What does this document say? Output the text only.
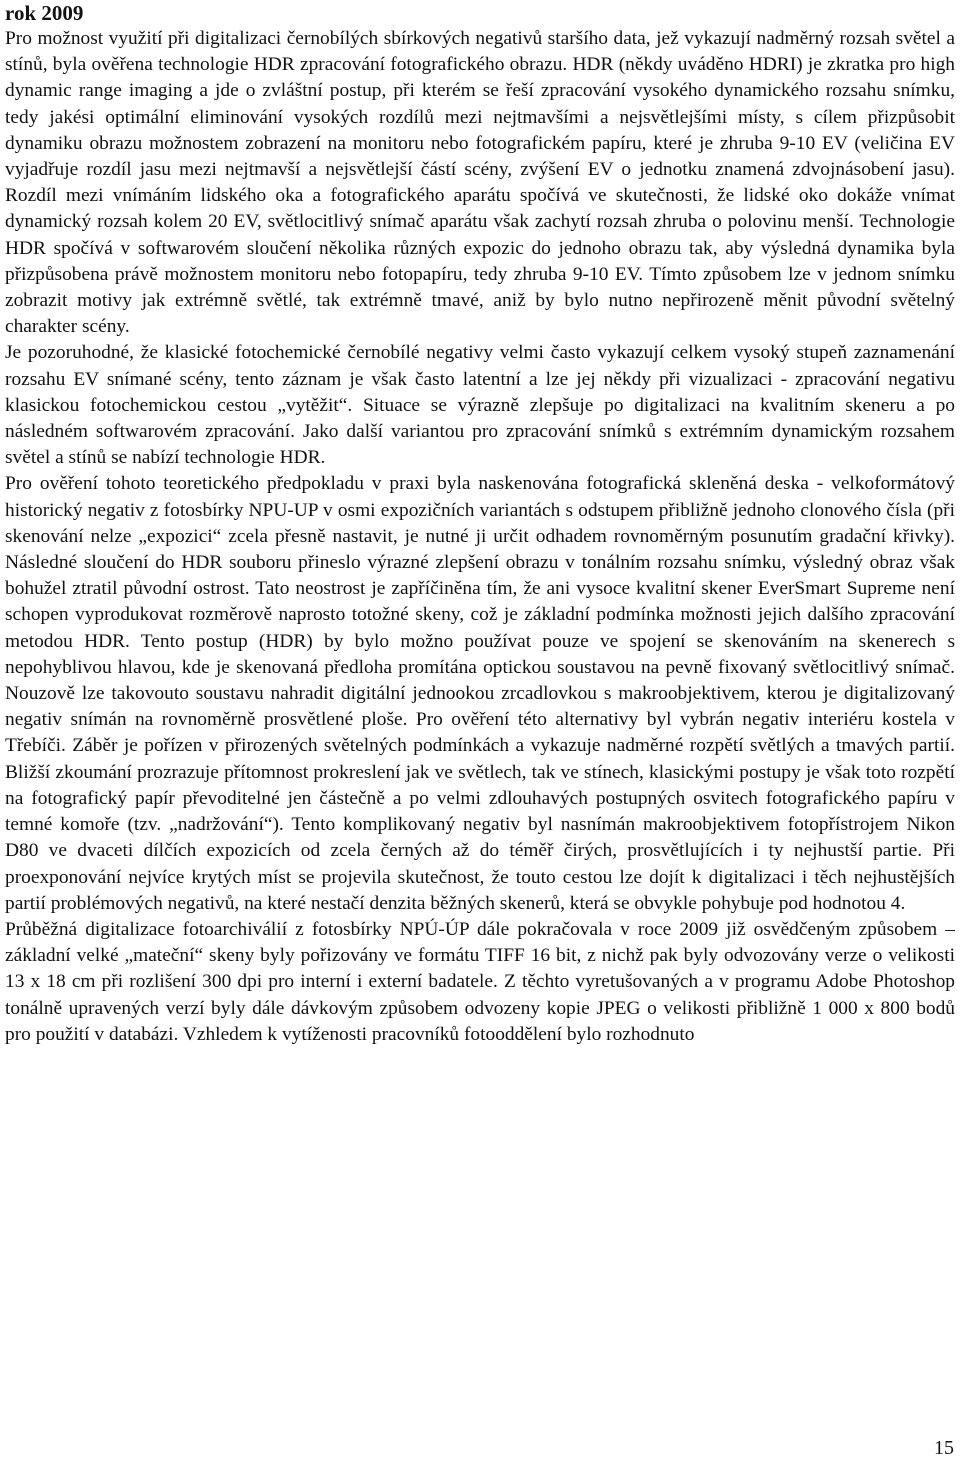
rok 2009

Pro možnost využití při digitalizaci černobílých sbírkových negativů staršího data, jež vykazují nadměrný rozsah světel a stínů, byla ověřena technologie HDR zpracování fotografického obrazu. HDR (někdy uváděno HDRI) je zkratka pro high dynamic range imaging a jde o zvláštní postup, při kterém se řeší zpracování vysokého dynamického rozsahu snímku, tedy jakési optimální eliminování vysokých rozdílů mezi nejtmavšími a nejsvětlejšími místy, s cílem přizpůsobit dynamiku obrazu možnostem zobrazení na monitoru nebo fotografickém papíru, které je zhruba 9-10 EV (veličina EV vyjadřuje rozdíl jasu mezi nejtmavší a nejsvětlejší částí scény, zvýšení EV o jednotku znamená zdvojnásobení jasu). Rozdíl mezi vnímáním lidského oka a fotografického aparátu spočívá ve skutečnosti, že lidské oko dokáže vnímat dynamický rozsah kolem 20 EV, světlocitlivý snímač aparátu však zachytí rozsah zhruba o polovinu menší. Technologie HDR spočívá v softwarovém sloučení několika různých expozic do jednoho obrazu tak, aby výsledná dynamika byla přizpůsobena právě možnostem monitoru nebo fotopapíru, tedy zhruba 9-10 EV. Tímto způsobem lze v jednom snímku zobrazit motivy jak extrémně světlé, tak extrémně tmavé, aniž by bylo nutno nepřirozeně měnit původní světelný charakter scény.

Je pozoruhodné, že klasické fotochemické černobílé negativy velmi často vykazují celkem vysoký stupeň zaznamenání rozsahu EV snímané scény, tento záznam je však často latentní a lze jej někdy při vizualizaci - zpracování negativu klasickou fotochemickou cestou „vytěžit“. Situace se výrazně zlepšuje po digitalizaci na kvalitním skeneru a po následném softwarovém zpracování. Jako další variantou pro zpracování snímků s extrémním dynamickým rozsahem světel a stínů se nabízí technologie HDR.

Pro ověření tohoto teoretického předpokladu v praxi byla naskenována fotografická skleněná deska - velkoformátový historický negativ z fotosbírky NPU-UP v osmi expozičních variantách s odstupem přibližně jednoho clonového čísla (při skenování nelze „expozici“ zcela přesně nastavit, je nutné ji určit odhadem rovnoměrným posunutím gradační křivky). Následné sloučení do HDR souboru přineslo výrazné zlepšení obrazu v tonálním rozsahu snímku, výsledný obraz však bohužel ztratil původní ostrost. Tato neostrost je zapříčiněna tím, že ani vysoce kvalitní skener EverSmart Supreme není schopen vyprodukovat rozměrově naprosto totožné skeny, což je základní podmínka možnosti jejich dalšího zpracování metodou HDR. Tento postup (HDR) by bylo možno používat pouze ve spojení se skenováním na skenerech s nepohyblivou hlavou, kde je skenovaná předloha promítána optickou soustavou na pevně fixovaný světlocitlivý snímač. Nouzově lze takovouto soustavu nahradit digitální jednookou zrcadlovkou s makroobjektivem, kterou je digitalizovaný negativ snímán na rovnoměrně prosvětlené ploše. Pro ověření této alternativy byl vybrán negativ interiéru kostela v Třebíči. Záběr je pořízen v přirozených světelných podmínkách a vykazuje nadměrné rozpětí světlých a tmavých partií. Bližší zkoumání prozrazuje přítomnost prokreslení jak ve světlech, tak ve stínech, klasickými postupy je však toto rozpětí na fotografický papír převoditelné jen částečně a po velmi zdlouhavých postupných osvitech fotografického papíru v temné komoře (tzv. „nadržování“). Tento komplikovaný negativ byl nasnímán makroobjektivem fotopřístrojem Nikon D80 ve dvaceti dílčích expozicích od zcela černých až do téměř čirých, prosvětlujících i ty nejhustší partie. Při proexponování nejvíce krytých míst se projevila skutečnost, že touto cestou lze dojít k digitalizaci i těch nejhustějších partií problémových negativů, na které nestačí denzita běžných skenerů, která se obvykle pohybuje pod hodnotou 4.

Průběžná digitalizace fotoarchiválií z fotosbírky NPÚ-ÚP dále pokračovala v roce 2009 již osvědčeným způsobem – základní velké „mateční“ skeny byly pořizovány ve formátu TIFF 16 bit, z nichž pak byly odvozovány verze o velikosti 13 x 18 cm při rozlišení 300 dpi pro interní i externí badatele. Z těchto vyretušovaných a v programu Adobe Photoshop tonálně upravených verzí byly dále dávkovým způsobem odvozeny kopie JPEG o velikosti přibližně 1 000 x 800 bodů pro použití v databázi. Vzhledem k vytíženosti pracovníků fotooddělení bylo rozhodnuto

15
